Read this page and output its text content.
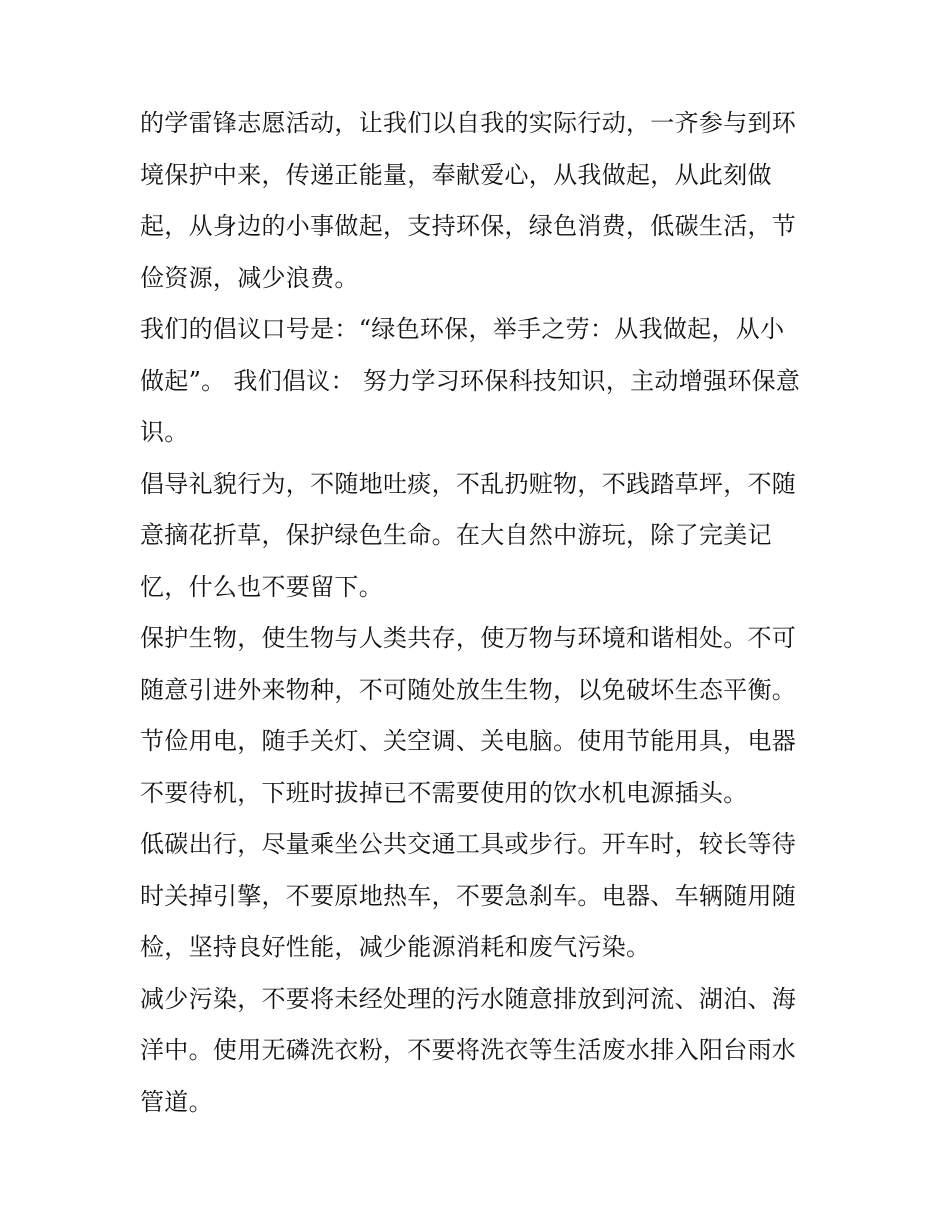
的学雷锋志愿活动，让我们以自我的实际行动，一齐参与到环
境保护中来，传递正能量，奉献爱心，从我做起，从此刻做
起，从身边的小事做起，支持环保，绿色消费，低碳生活，节
俭资源，减少浪费。
我们的倡议口号是：“绿色环保，举手之劳：从我做起，从小
做起”。 我们倡议： 努力学习环保科技知识，主动增强环保意
识。
倡导礼貌行为，不随地吐痰，不乱扔赃物，不践踏草坪，不随
意摘花折草，保护绿色生命。在大自然中游玩，除了完美记
忆，什么也不要留下。
保护生物，使生物与人类共存，使万物与环境和谐相处。不可
随意引进外来物种，不可随处放生生物，以免破坏生态平衡。
节俭用电，随手关灯、关空调、关电脑。使用节能用具，电器
不要待机，下班时拔掉已不需要使用的饮水机电源插头。
低碳出行，尽量乘坐公共交通工具或步行。开车时，较长等待
时关掉引擎，不要原地热车，不要急刹车。电器、车辆随用随
检，坚持良好性能，减少能源消耗和废气污染。
减少污染，不要将未经处理的污水随意排放到河流、湖泊、海
洋中。使用无磷洗衣粉，不要将洗衣等生活废水排入阳台雨水
管道。
